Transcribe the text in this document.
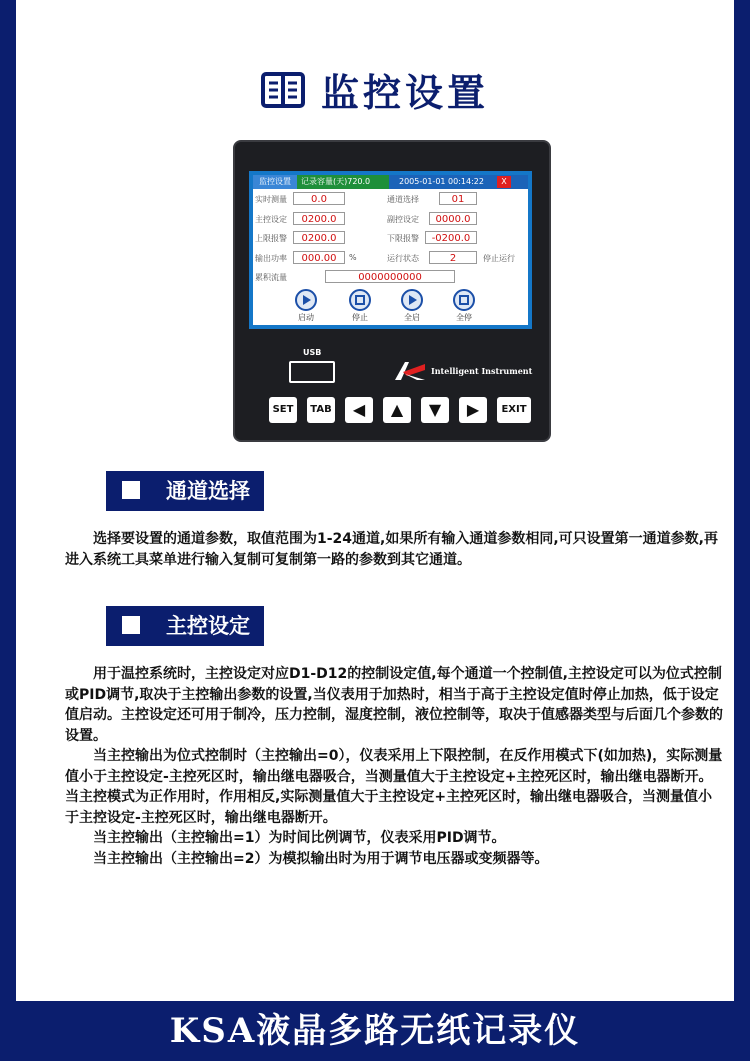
监控设置
监控设置	记录容量(天)720.0	2005-01-01 00:14:22	X
实时测量	0.0	通道选择	01
主控设定	0200.0	副控设定	0000.0
上限报警	0200.0	下限报警	-0200.0
输出功率	000.00	%	运行状态	2	停止运行
累积流量	0000000000
启动	停止	全启	全停
USB
Intelligent Instrument
SET	TAB	◀	▲	▼	▶	EXIT
通道选择

选择要设置的通道参数，取值范围为1-24通道,如果所有输入通道参数相同,可只设置第一通道参数,再进入系统工具菜单进行输入复制可复制第一路的参数到其它通道。

主控设定

用于温控系统时，主控设定对应D1-D12的控制设定值,每个通道一个控制值,主控设定可以为位式控制或PID调节,取决于主控输出参数的设置,当仪表用于加热时，相当于高于主控设定值时停止加热，低于设定值启动。主控设定还可用于制冷，压力控制，湿度控制，液位控制等，取决于值感器类型与后面几个参数的设置。

当主控输出为位式控制时（主控输出=0），仪表采用上下限控制，在反作用模式下(如加热)，实际测量值小于主控设定-主控死区时，输出继电器吸合，当测量值大于主控设定+主控死区时，输出继电器断开。当主控模式为正作用时，作用相反,实际测量值大于主控设定+主控死区时，输出继电器吸合，当测量值小于主控设定-主控死区时，输出继电器断开。

当主控输出（主控输出=1）为时间比例调节，仪表采用PID调节。

当主控输出（主控输出=2）为模拟输出时为用于调节电压器或变频器等。

KSA液晶多路无纸记录仪
